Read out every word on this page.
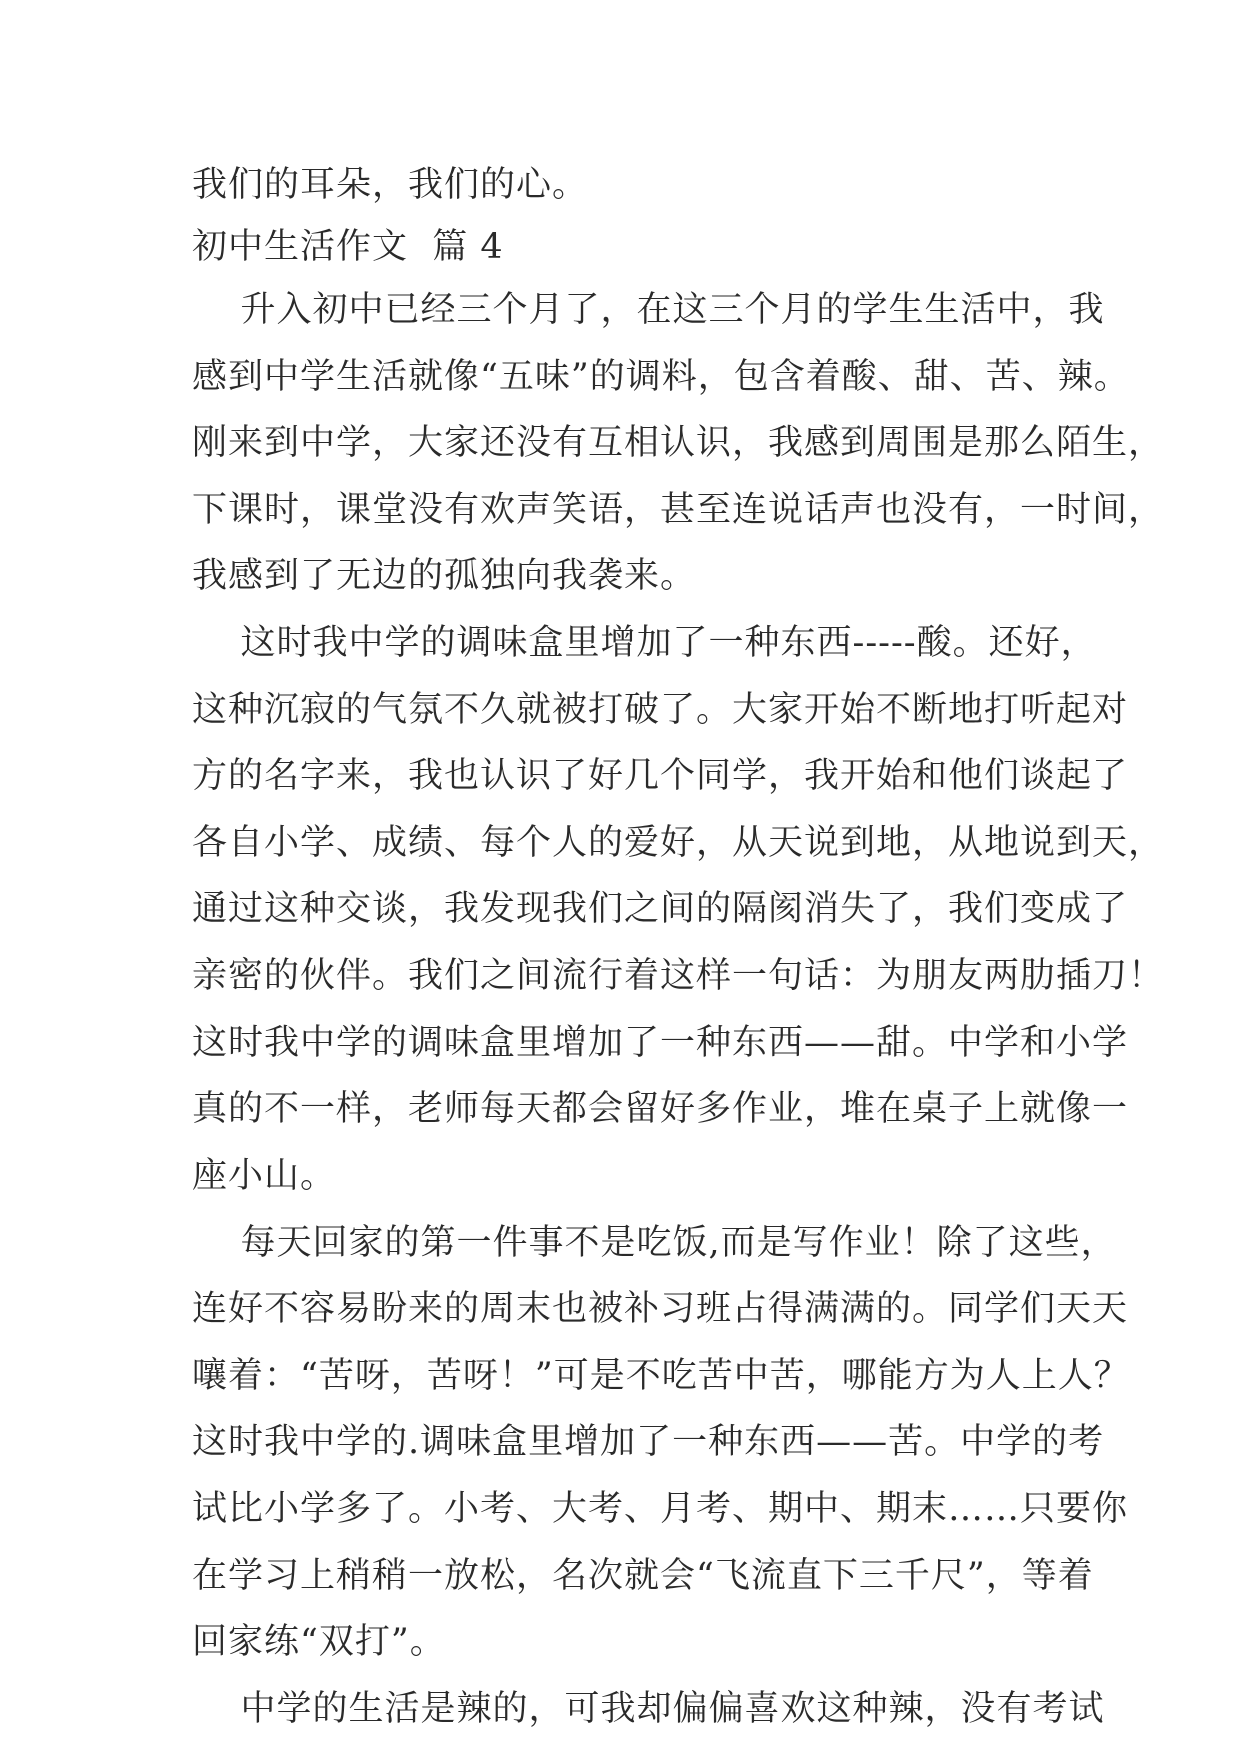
我们的耳朵，我们的心。
初中生活作文  篇 4
升入初中已经三个月了，在这三个月的学生生活中，我
感到中学生活就像“五味”的调料，包含着酸、甜、苦、辣。
刚来到中学，大家还没有互相认识，我感到周围是那么陌生，
下课时，课堂没有欢声笑语，甚至连说话声也没有，一时间，
我感到了无边的孤独向我袭来。
这时我中学的调味盒里增加了一种东西-----酸。还好，
这种沉寂的气氛不久就被打破了。大家开始不断地打听起对
方的名字来，我也认识了好几个同学，我开始和他们谈起了
各自小学、成绩、每个人的爱好，从天说到地，从地说到天，
通过这种交谈，我发现我们之间的隔阂消失了，我们变成了
亲密的伙伴。我们之间流行着这样一句话：为朋友两肋插刀！
这时我中学的调味盒里增加了一种东西——甜。中学和小学
真的不一样，老师每天都会留好多作业，堆在桌子上就像一
座小山。
每天回家的第一件事不是吃饭,而是写作业！除了这些，
连好不容易盼来的周末也被补习班占得满满的。同学们天天
嚷着：“苦呀，苦呀！”可是不吃苦中苦，哪能方为人上人？
这时我中学的.调味盒里增加了一种东西——苦。中学的考
试比小学多了。小考、大考、月考、期中、期末……只要你
在学习上稍稍一放松，名次就会“飞流直下三千尺”，等着
回家练“双打”。
中学的生活是辣的，可我却偏偏喜欢这种辣，没有考试
